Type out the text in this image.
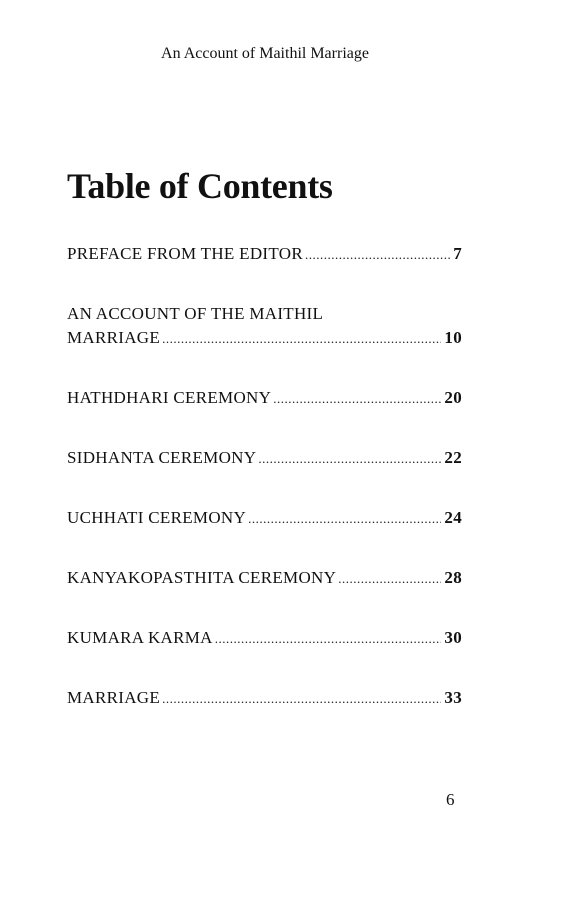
An Account of Maithil Marriage
Table of Contents
PREFACE FROM THE EDITOR .....	7
AN ACCOUNT OF THE MAITHIL
MARRIAGE .....	10
HATHDHARI CEREMONY .....	20
SIDHANTA CEREMONY .....	22
UCHHATI CEREMONY .....	24
KANYAKOPASTHITA CEREMONY .....	28
KUMARA KARMA .....	30
MARRIAGE .....	33
6
